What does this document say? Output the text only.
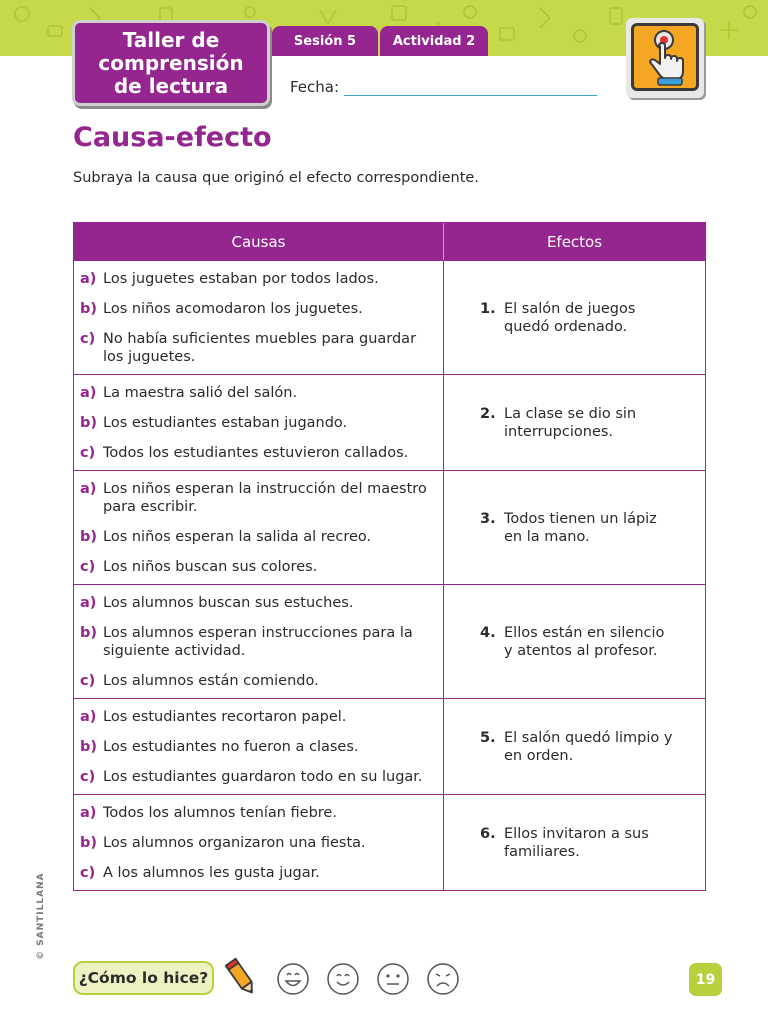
Taller de
comprensión
de lectura
Sesión 5	Actividad 2
Fecha:
Causa-efecto
Subraya la causa que originó el efecto correspondiente.
Causas	Efectos
a) Los juguetes estaban por todos lados.
b) Los niños acomodaron los juguetes.
c) No había suficientes muebles para guardar los juguetes.
1. El salón de juegos quedó ordenado.
a) La maestra salió del salón.
b) Los estudiantes estaban jugando.
c) Todos los estudiantes estuvieron callados.
2. La clase se dio sin interrupciones.
a) Los niños esperan la instrucción del maestro para escribir.
b) Los niños esperan la salida al recreo.
c) Los niños buscan sus colores.
3. Todos tienen un lápiz en la mano.
a) Los alumnos buscan sus estuches.
b) Los alumnos esperan instrucciones para la siguiente actividad.
c) Los alumnos están comiendo.
4. Ellos están en silencio y atentos al profesor.
a) Los estudiantes recortaron papel.
b) Los estudiantes no fueron a clases.
c) Los estudiantes guardaron todo en su lugar.
5. El salón quedó limpio y en orden.
a) Todos los alumnos tenían fiebre.
b) Los alumnos organizaron una fiesta.
c) A los alumnos les gusta jugar.
6. Ellos invitaron a sus familiares.
© SANTILLANA
¿Cómo lo hice?	19
